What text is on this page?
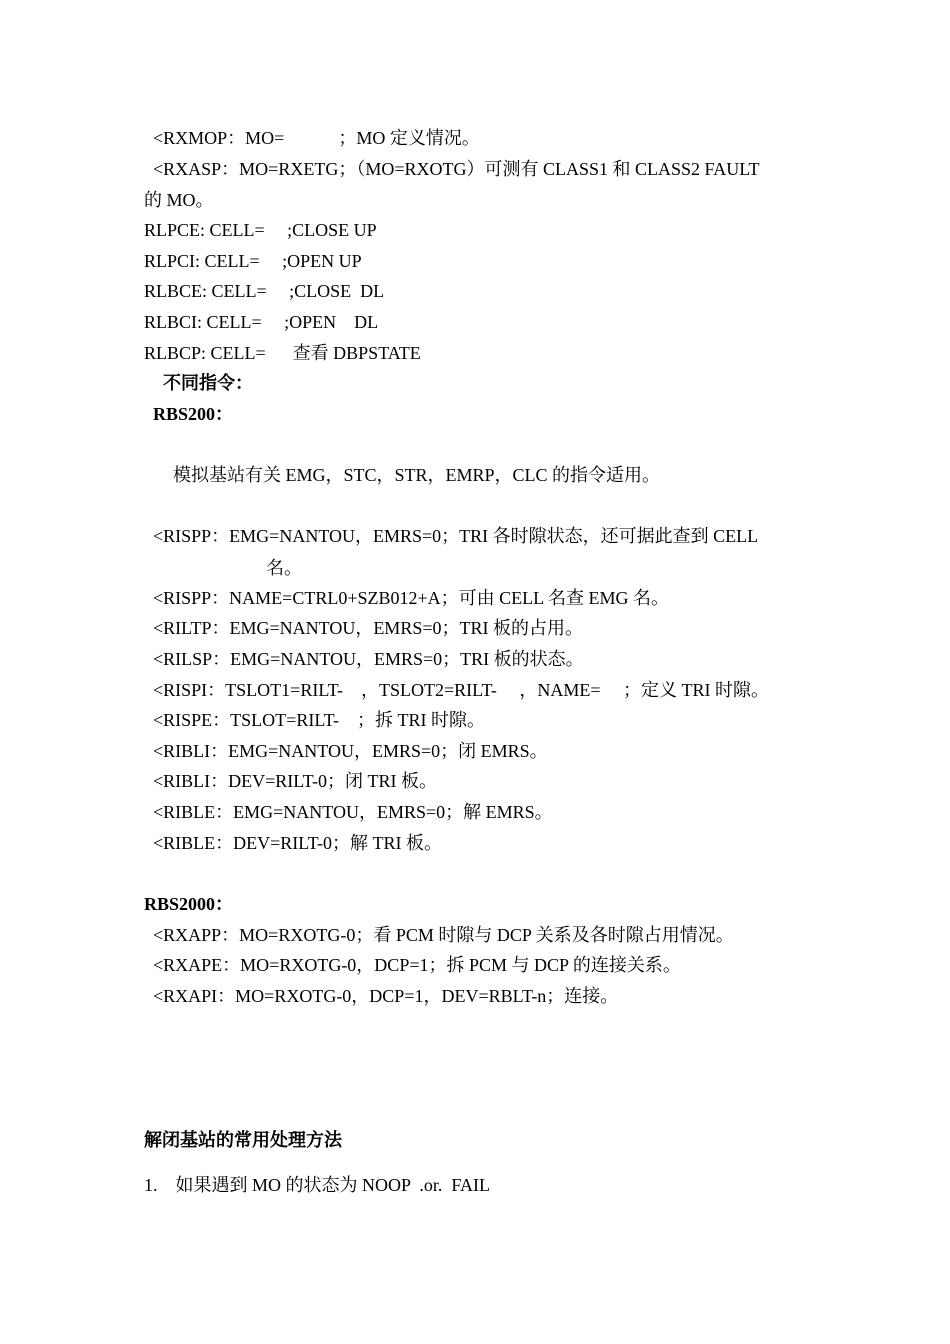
<RXMOP：MO=            ；MO 定义情况。
<RXASP：MO=RXETG；（MO=RXOTG）可测有 CLASS1 和 CLASS2 FAULT
的 MO。
RLPCE: CELL=     ;CLOSE UP
RLPCI: CELL=     ;OPEN UP
RLBCE: CELL=     ;CLOSE  DL
RLBCI: CELL=     ;OPEN    DL
RLBCP: CELL=      查看 DBPSTATE
不同指令：
RBS200：
模拟基站有关 EMG，STC，STR，EMRP，CLC 的指令适用。
<RISPP：EMG=NANTOU，EMRS=0；TRI 各时隙状态，还可据此查到 CELL
名。
<RISPP：NAME=CTRL0+SZB012+A；可由 CELL 名查 EMG 名。
<RILTP：EMG=NANTOU，EMRS=0；TRI 板的占用。
<RILSP：EMG=NANTOU，EMRS=0；TRI 板的状态。
<RISPI：TSLOT1=RILT-    ，TSLOT2=RILT-     ，NAME=     ；定义 TRI 时隙。
<RISPE：TSLOT=RILT-    ；拆 TRI 时隙。
<RIBLI：EMG=NANTOU，EMRS=0；闭 EMRS。
<RIBLI：DEV=RILT-0；闭 TRI 板。
<RIBLE：EMG=NANTOU，EMRS=0；解 EMRS。
<RIBLE：DEV=RILT-0；解 TRI 板。
RBS2000：
<RXAPP：MO=RXOTG-0；看 PCM 时隙与 DCP 关系及各时隙占用情况。
<RXAPE：MO=RXOTG-0，DCP=1；拆 PCM 与 DCP 的连接关系。
<RXAPI：MO=RXOTG-0，DCP=1，DEV=RBLT-n；连接。
解闭基站的常用处理方法
1.    如果遇到 MO 的状态为 NOOP  .or.  FAIL
